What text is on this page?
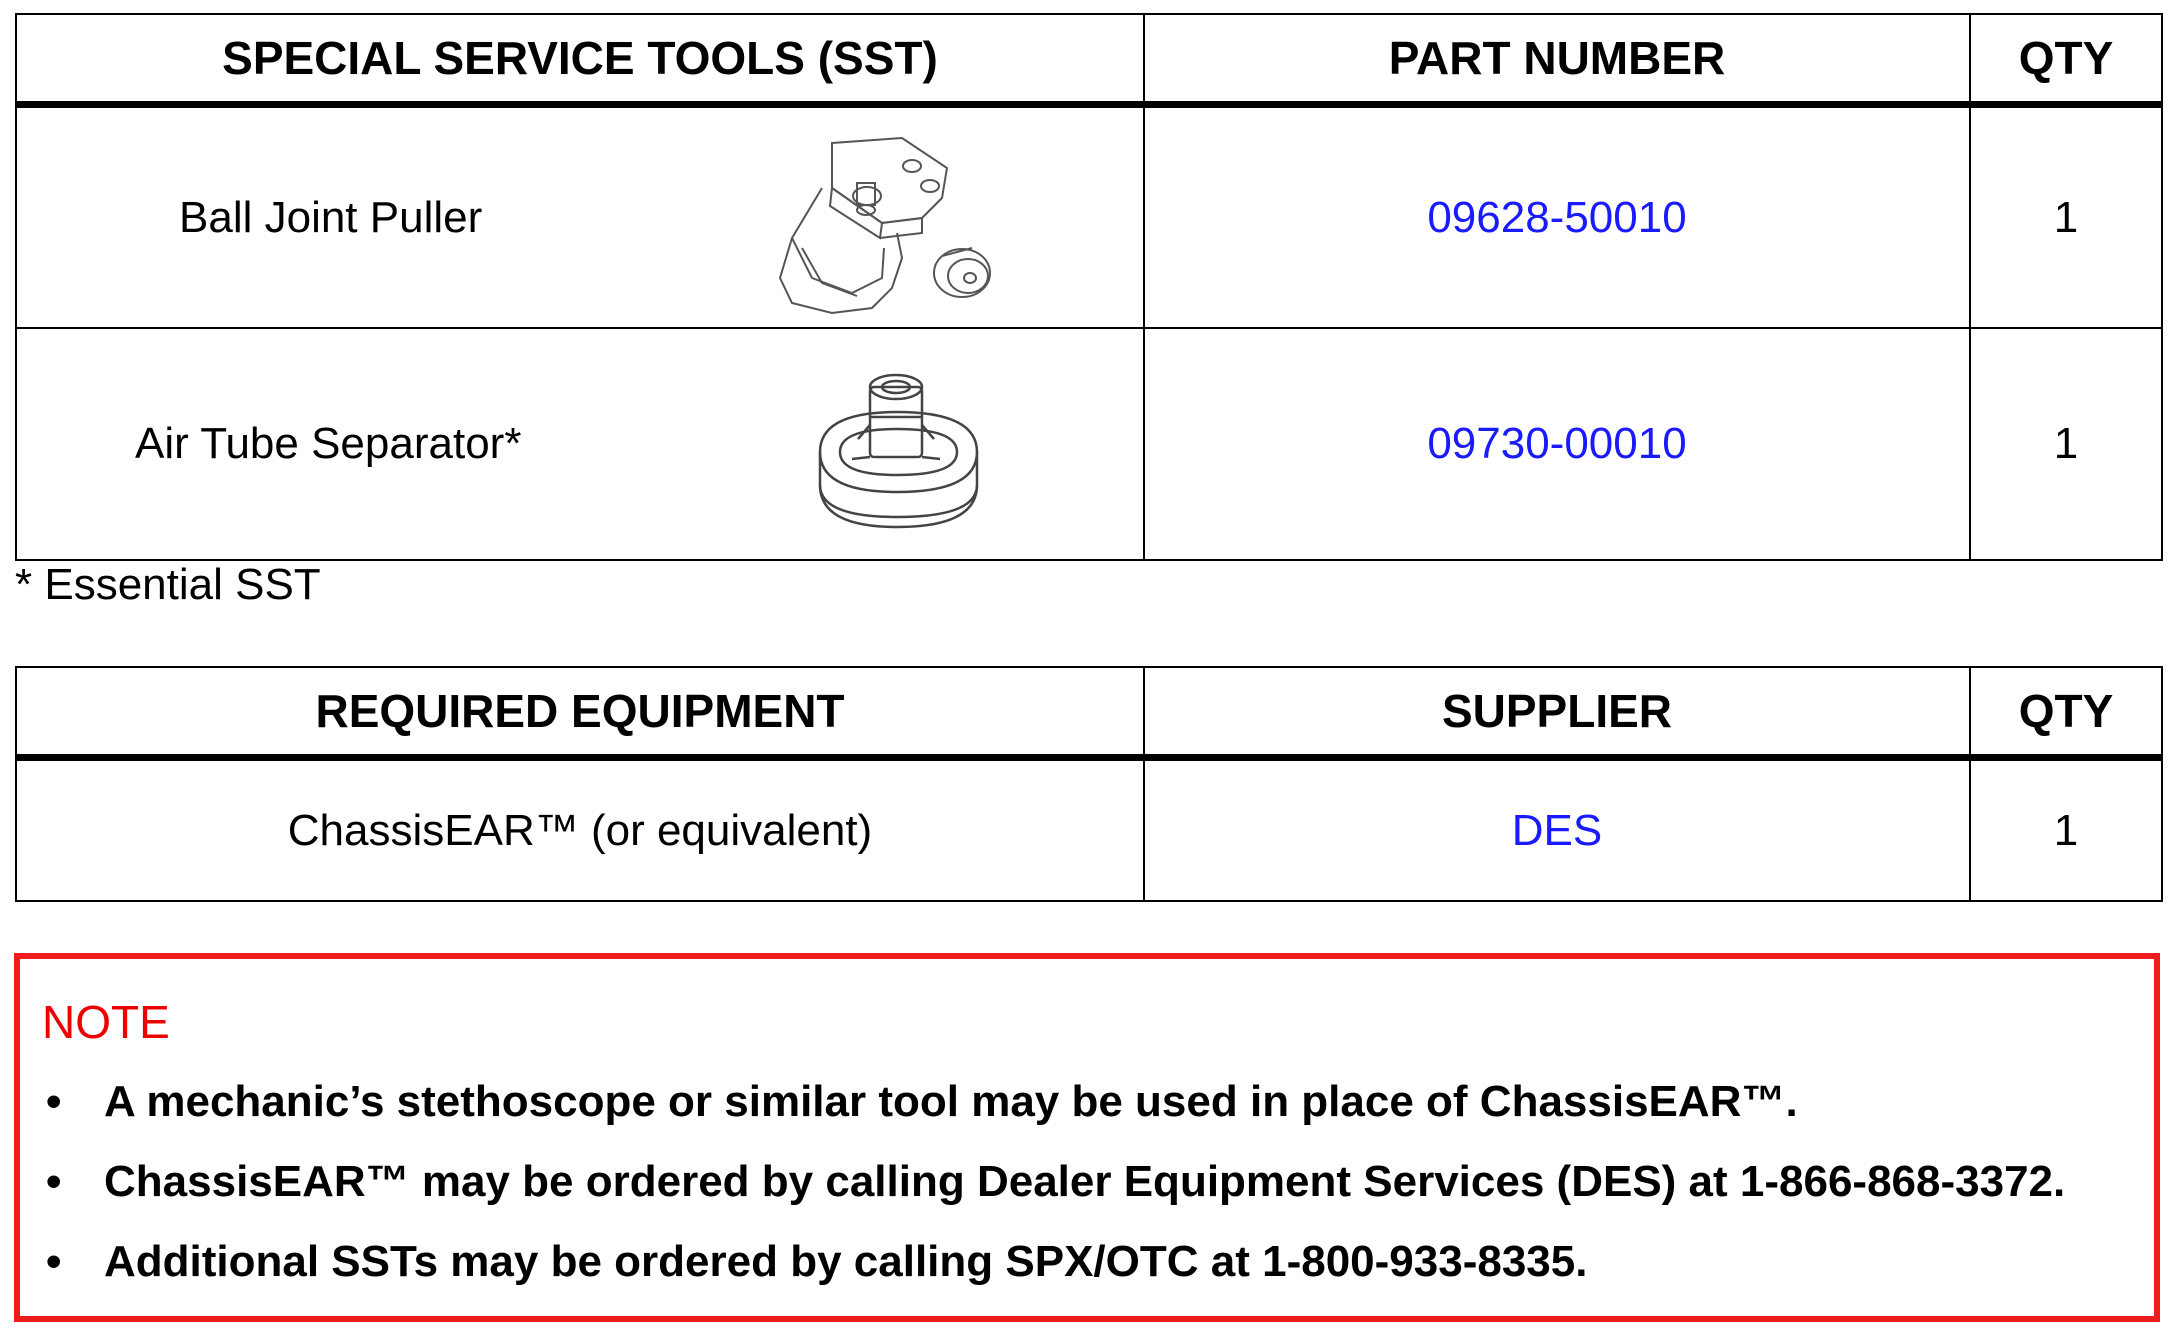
SPECIAL SERVICE TOOLS (SST)	PART NUMBER	QTY

Ball Joint Puller	09628-50010	1

Air Tube Separator*	09730-00010	1
* Essential SST
REQUIRED EQUIPMENT	SUPPLIER	QTY
ChassisEAR™ (or equivalent)	DES	1
NOTE
• A mechanic’s stethoscope or similar tool may be used in place of ChassisEAR™.
• ChassisEAR™ may be ordered by calling Dealer Equipment Services (DES) at 1-866-868-3372.
• Additional SSTs may be ordered by calling SPX/OTC at 1-800-933-8335.
